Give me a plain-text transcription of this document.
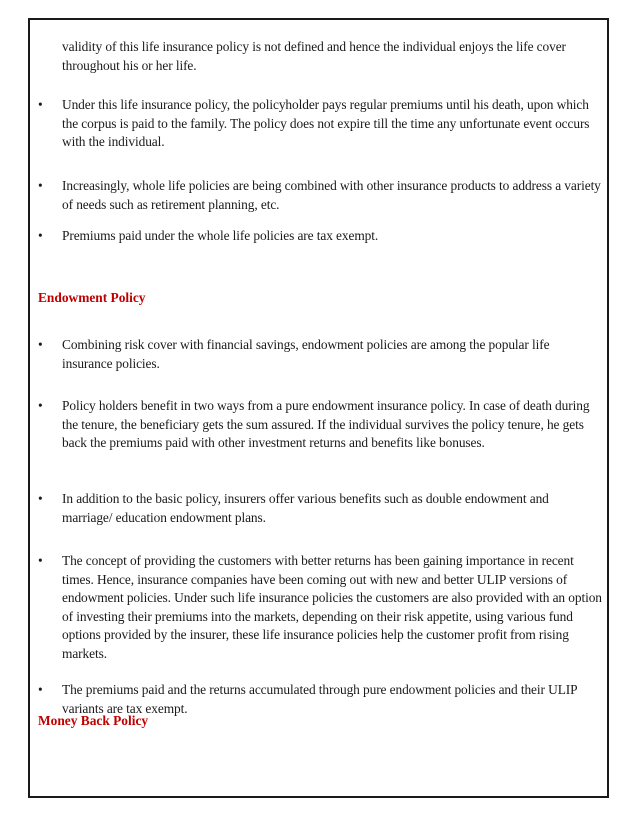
validity of this life insurance policy is not defined and hence the individual enjoys the life cover throughout his or her life.

•	Under this life insurance policy, the policyholder pays regular premiums until his death, upon which the corpus is paid to the family. The policy does not expire till the time any unfortunate event occurs with the individual.

•	Increasingly, whole life policies are being combined with other insurance products to address a variety of needs such as retirement planning, etc.

•	Premiums paid under the whole life policies are tax exempt.

Endowment Policy
•	Combining risk cover with financial savings, endowment policies are among the popular life insurance policies.

•	Policy holders benefit in two ways from a pure endowment insurance policy. In case of death during the tenure, the beneficiary gets the sum assured. If the individual survives the policy tenure, he gets back the premiums paid with other investment returns and benefits like bonuses.

•	In addition to the basic policy, insurers offer various benefits such as double endowment and marriage/ education endowment plans.

•	The concept of providing the customers with better returns has been gaining importance in recent times. Hence, insurance companies have been coming out with new and better ULIP versions of endowment policies. Under such life insurance policies the customers are also provided with an option of investing their premiums into the markets, depending on their risk appetite, using various fund options provided by the insurer, these life insurance policies help the customer profit from rising markets.

•	The premiums paid and the returns accumulated through pure endowment policies and their ULIP variants are tax exempt.

Money Back Policy
